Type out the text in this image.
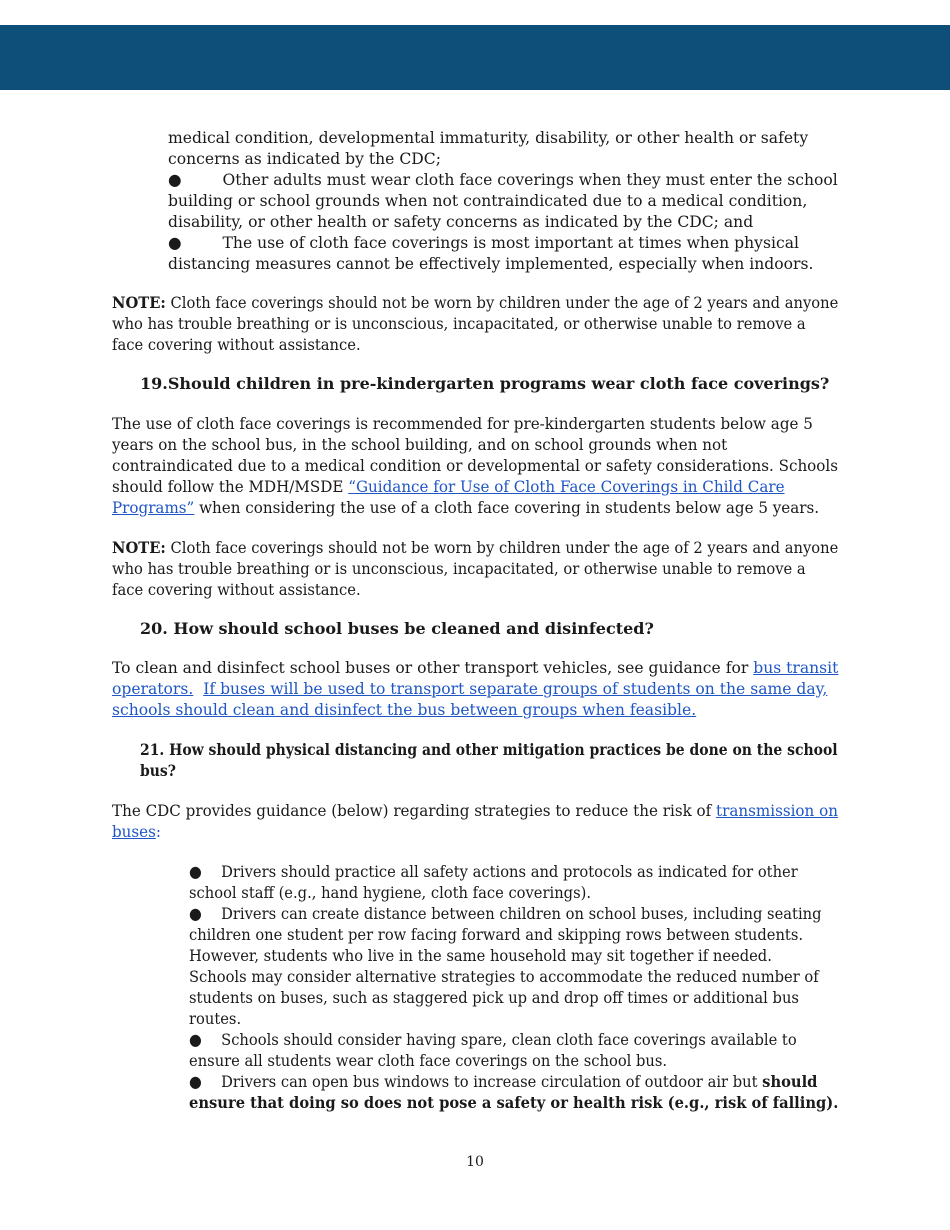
medical condition, developmental immaturity, disability, or other health or safety
concerns as indicated by the CDC;
●	Other adults must wear cloth face coverings when they must enter the school
building or school grounds when not contraindicated due to a medical condition,
disability, or other health or safety concerns as indicated by the CDC; and
●	The use of cloth face coverings is most important at times when physical
distancing measures cannot be effectively implemented, especially when indoors.
NOTE: Cloth face coverings should not be worn by children under the age of 2 years and anyone
who has trouble breathing or is unconscious, incapacitated, or otherwise unable to remove a
face covering without assistance.
19.Should children in pre-kindergarten programs wear cloth face coverings?
The use of cloth face coverings is recommended for pre-kindergarten students below age 5
years on the school bus, in the school building, and on school grounds when not
contraindicated due to a medical condition or developmental or safety considerations. Schools
should follow the MDH/MSDE “Guidance for Use of Cloth Face Coverings in Child Care
Programs” when considering the use of a cloth face covering in students below age 5 years.
NOTE: Cloth face coverings should not be worn by children under the age of 2 years and anyone
who has trouble breathing or is unconscious, incapacitated, or otherwise unable to remove a
face covering without assistance.
20. How should school buses be cleaned and disinfected?
To clean and disinfect school buses or other transport vehicles, see guidance for bus transit
operators. If buses will be used to transport separate groups of students on the same day,
schools should clean and disinfect the bus between groups when feasible.
21. How should physical distancing and other mitigation practices be done on the school
bus?
The CDC provides guidance (below) regarding strategies to reduce the risk of transmission on
buses:
● Drivers should practice all safety actions and protocols as indicated for other
school staff (e.g., hand hygiene, cloth face coverings).
● Drivers can create distance between children on school buses, including seating
children one student per row facing forward and skipping rows between students.
However, students who live in the same household may sit together if needed.
Schools may consider alternative strategies to accommodate the reduced number of
students on buses, such as staggered pick up and drop off times or additional bus
routes.
● Schools should consider having spare, clean cloth face coverings available to
ensure all students wear cloth face coverings on the school bus.
● Drivers can open bus windows to increase circulation of outdoor air but should
ensure that doing so does not pose a safety or health risk (e.g., risk of falling).
10
